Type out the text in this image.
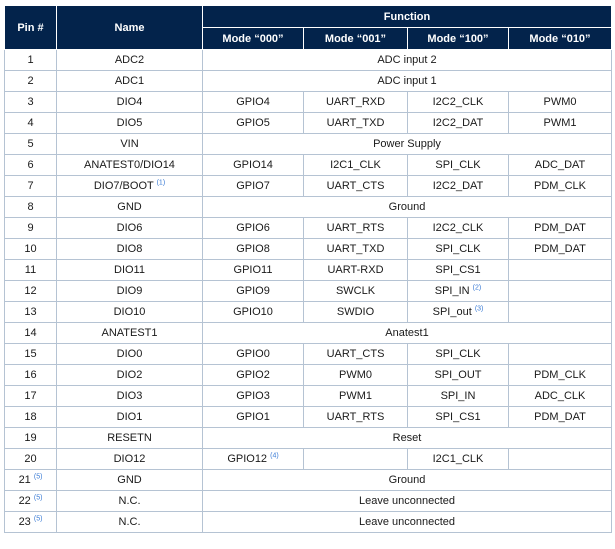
Pin #	Name	Function			
		Mode “000”	Mode “001”	Mode “100”	Mode “010”
1	ADC2	ADC input 2			
2	ADC1	ADC input 1			
3	DIO4	GPIO4	UART_RXD	I2C2_CLK	PWM0
4	DIO5	GPIO5	UART_TXD	I2C2_DAT	PWM1
5	VIN	Power Supply			
6	ANATEST0/DIO14	GPIO14	I2C1_CLK	SPI_CLK	ADC_DAT
7	DIO7/BOOT $^{(1)}$	GPIO7	UART_CTS	I2C2_DAT	PDM_CLK
8	GND	Ground			
9	DIO6	GPIO6	UART_RTS	I2C2_CLK	PDM_DAT
10	DIO8	GPIO8	UART_TXD	SPI_CLK	PDM_DAT
11	DIO11	GPIO11	UART-RXD	SPI_CS1	
12	DIO9	GPIO9	SWCLK	SPI_IN $^{(2)}$	
13	DIO10	GPIO10	SWDIO	SPI_out $^{(3)}$	
14	ANATEST1	Anatest1			
15	DIO0	GPIO0	UART_CTS	SPI_CLK	
16	DIO2	GPIO2	PWM0	SPI_OUT	PDM_CLK
17	DIO3	GPIO3	PWM1	SPI_IN	ADC_CLK
18	DIO1	GPIO1	UART_RTS	SPI_CS1	PDM_DAT
19	RESETN	Reset			
20	DIO12	GPIO12 $^{(4)}$		I2C1_CLK	
21 $^{(5)}$	GND	Ground			
22 $^{(5)}$	N.C.	Leave unconnected			
23 $^{(5)}$	N.C.	Leave unconnected			
